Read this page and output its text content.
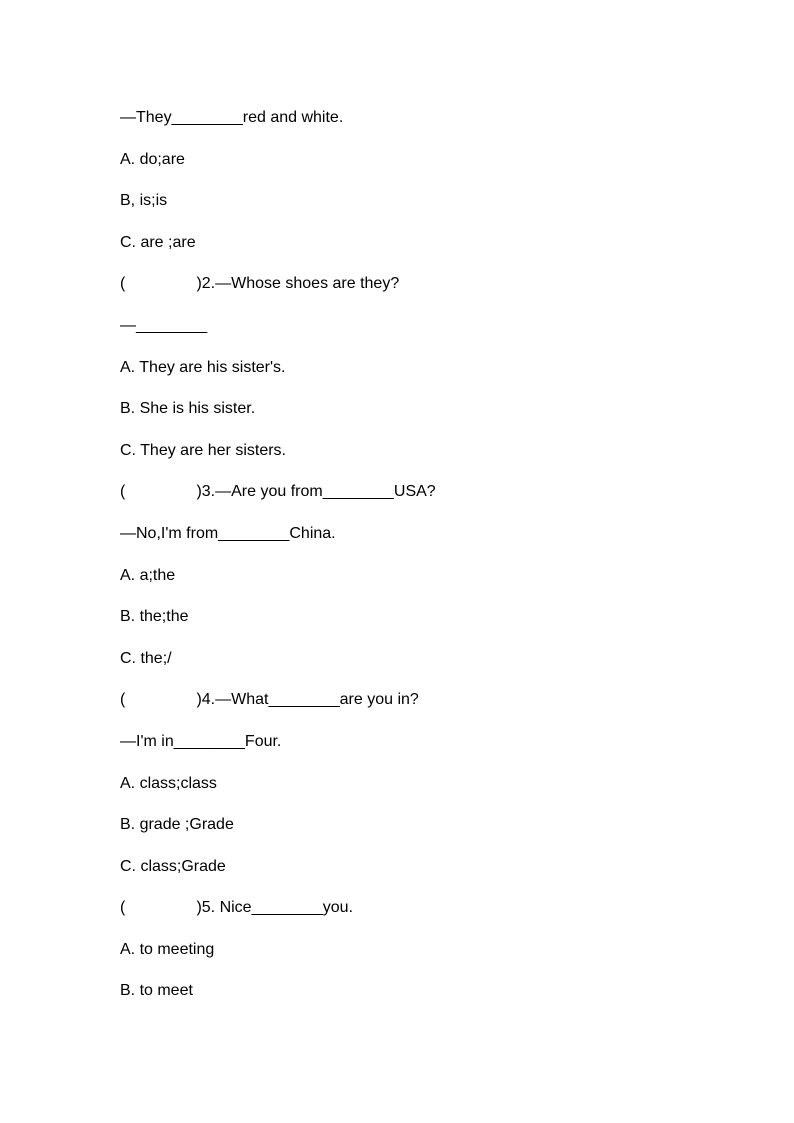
—They________red and white.
A. do;are
B, is;is
C. are ;are
(                )2.—Whose shoes are they?
—________
A. They are his sister's.
B. She is his sister.
C. They are her sisters.
(                )3.—Are you from________USA?
—No,I'm from________China.
A. a;the
B. the;the
C. the;/
(                )4.—What________are you in?
—I'm in________Four.
A. class;class
B. grade ;Grade
C. class;Grade
(                )5. Nice________you.
A. to meeting
B. to meet
